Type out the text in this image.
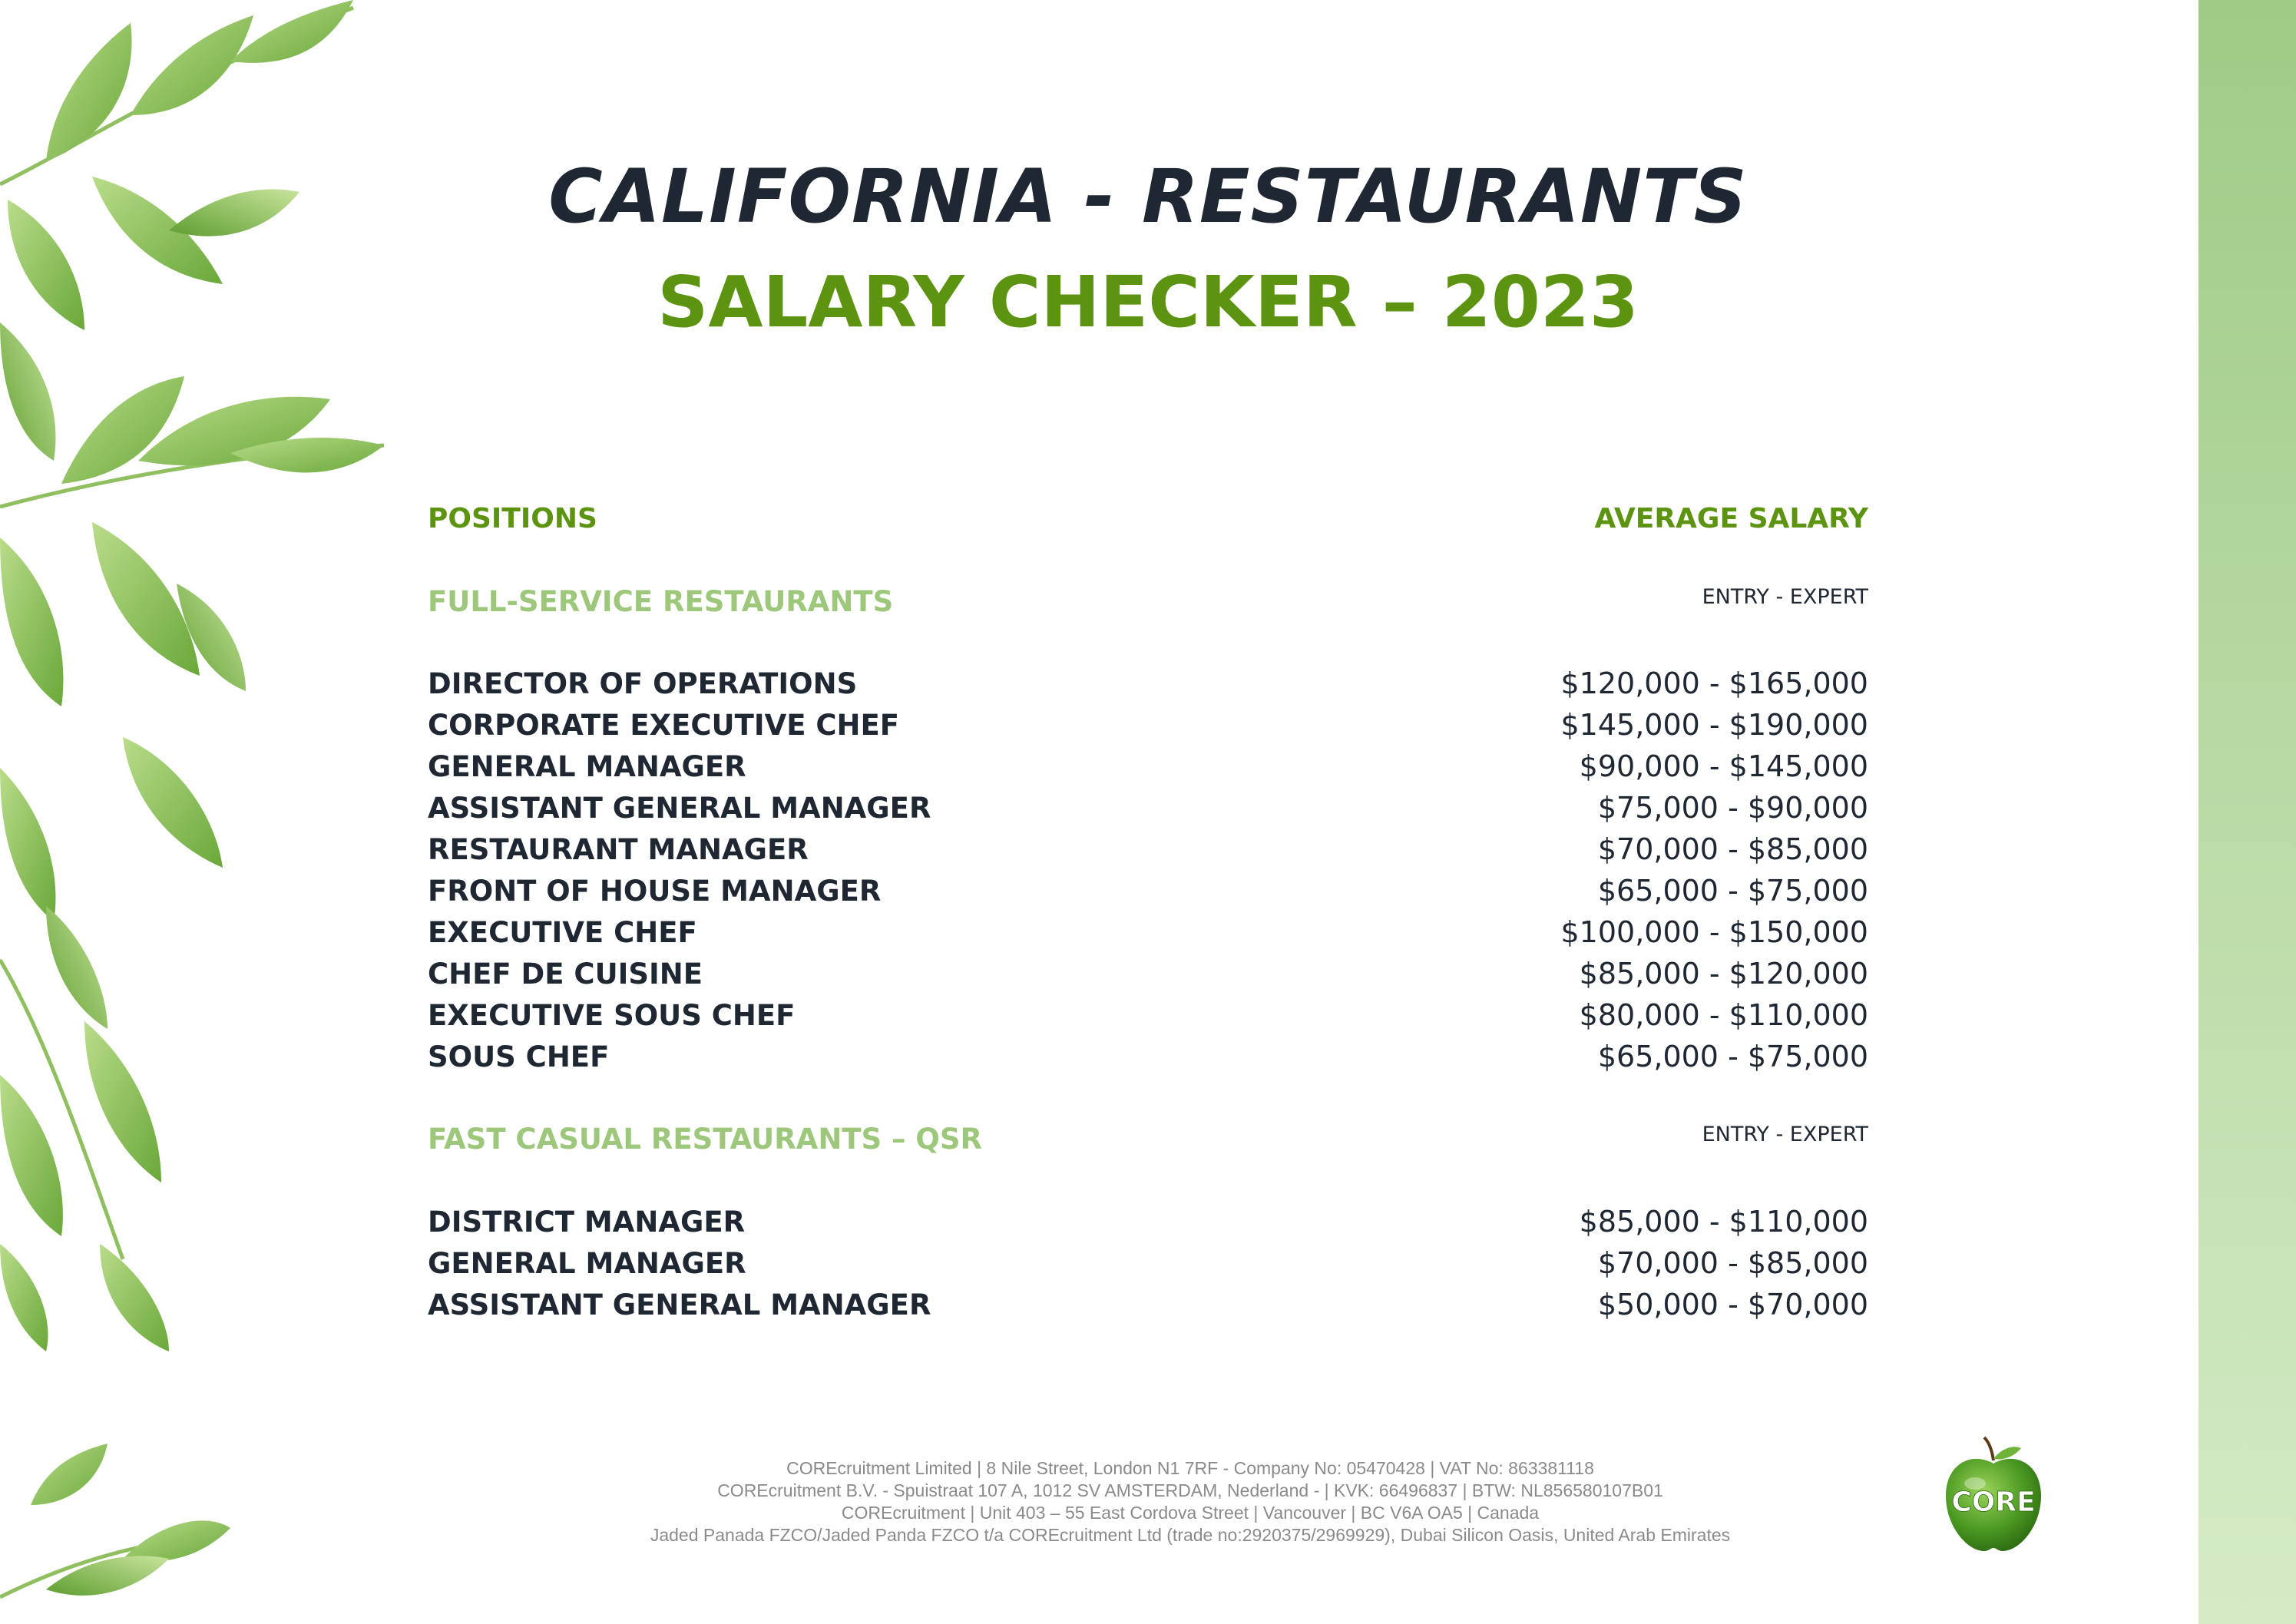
CALIFORNIA - RESTAURANTS
SALARY CHECKER – 2023
POSITIONS	AVERAGE SALARY
FULL-SERVICE RESTAURANTS	ENTRY - EXPERT
DIRECTOR OF OPERATIONS	$120,000 - $165,000
CORPORATE EXECUTIVE CHEF	$145,000 - $190,000
GENERAL MANAGER	$90,000 - $145,000
ASSISTANT GENERAL MANAGER	$75,000 - $90,000
RESTAURANT MANAGER	$70,000 - $85,000
FRONT OF HOUSE MANAGER	$65,000 - $75,000
EXECUTIVE CHEF	$100,000 - $150,000
CHEF DE CUISINE	$85,000 - $120,000
EXECUTIVE SOUS CHEF	$80,000 - $110,000
SOUS CHEF	$65,000 - $75,000
FAST CASUAL RESTAURANTS – QSR	ENTRY - EXPERT
DISTRICT MANAGER	$85,000 - $110,000
GENERAL MANAGER	$70,000 - $85,000
ASSISTANT GENERAL MANAGER	$50,000 - $70,000

COREcruitment Limited | 8 Nile Street, London N1 7RF - Company No: 05470428 | VAT No: 863381118

COREcruitment B.V. - Spuistraat 107 A, 1012 SV AMSTERDAM, Nederland - | KVK: 66496837 | BTW: NL856580107B01

COREcruitment | Unit 403 – 55 East Cordova Street | Vancouver | BC V6A OA5 | Canada

Jaded Panada FZCO/Jaded Panda FZCO t/a COREcruitment Ltd (trade no:2920375/2969929), Dubai Silicon Oasis, United Arab Emirates

CORE
